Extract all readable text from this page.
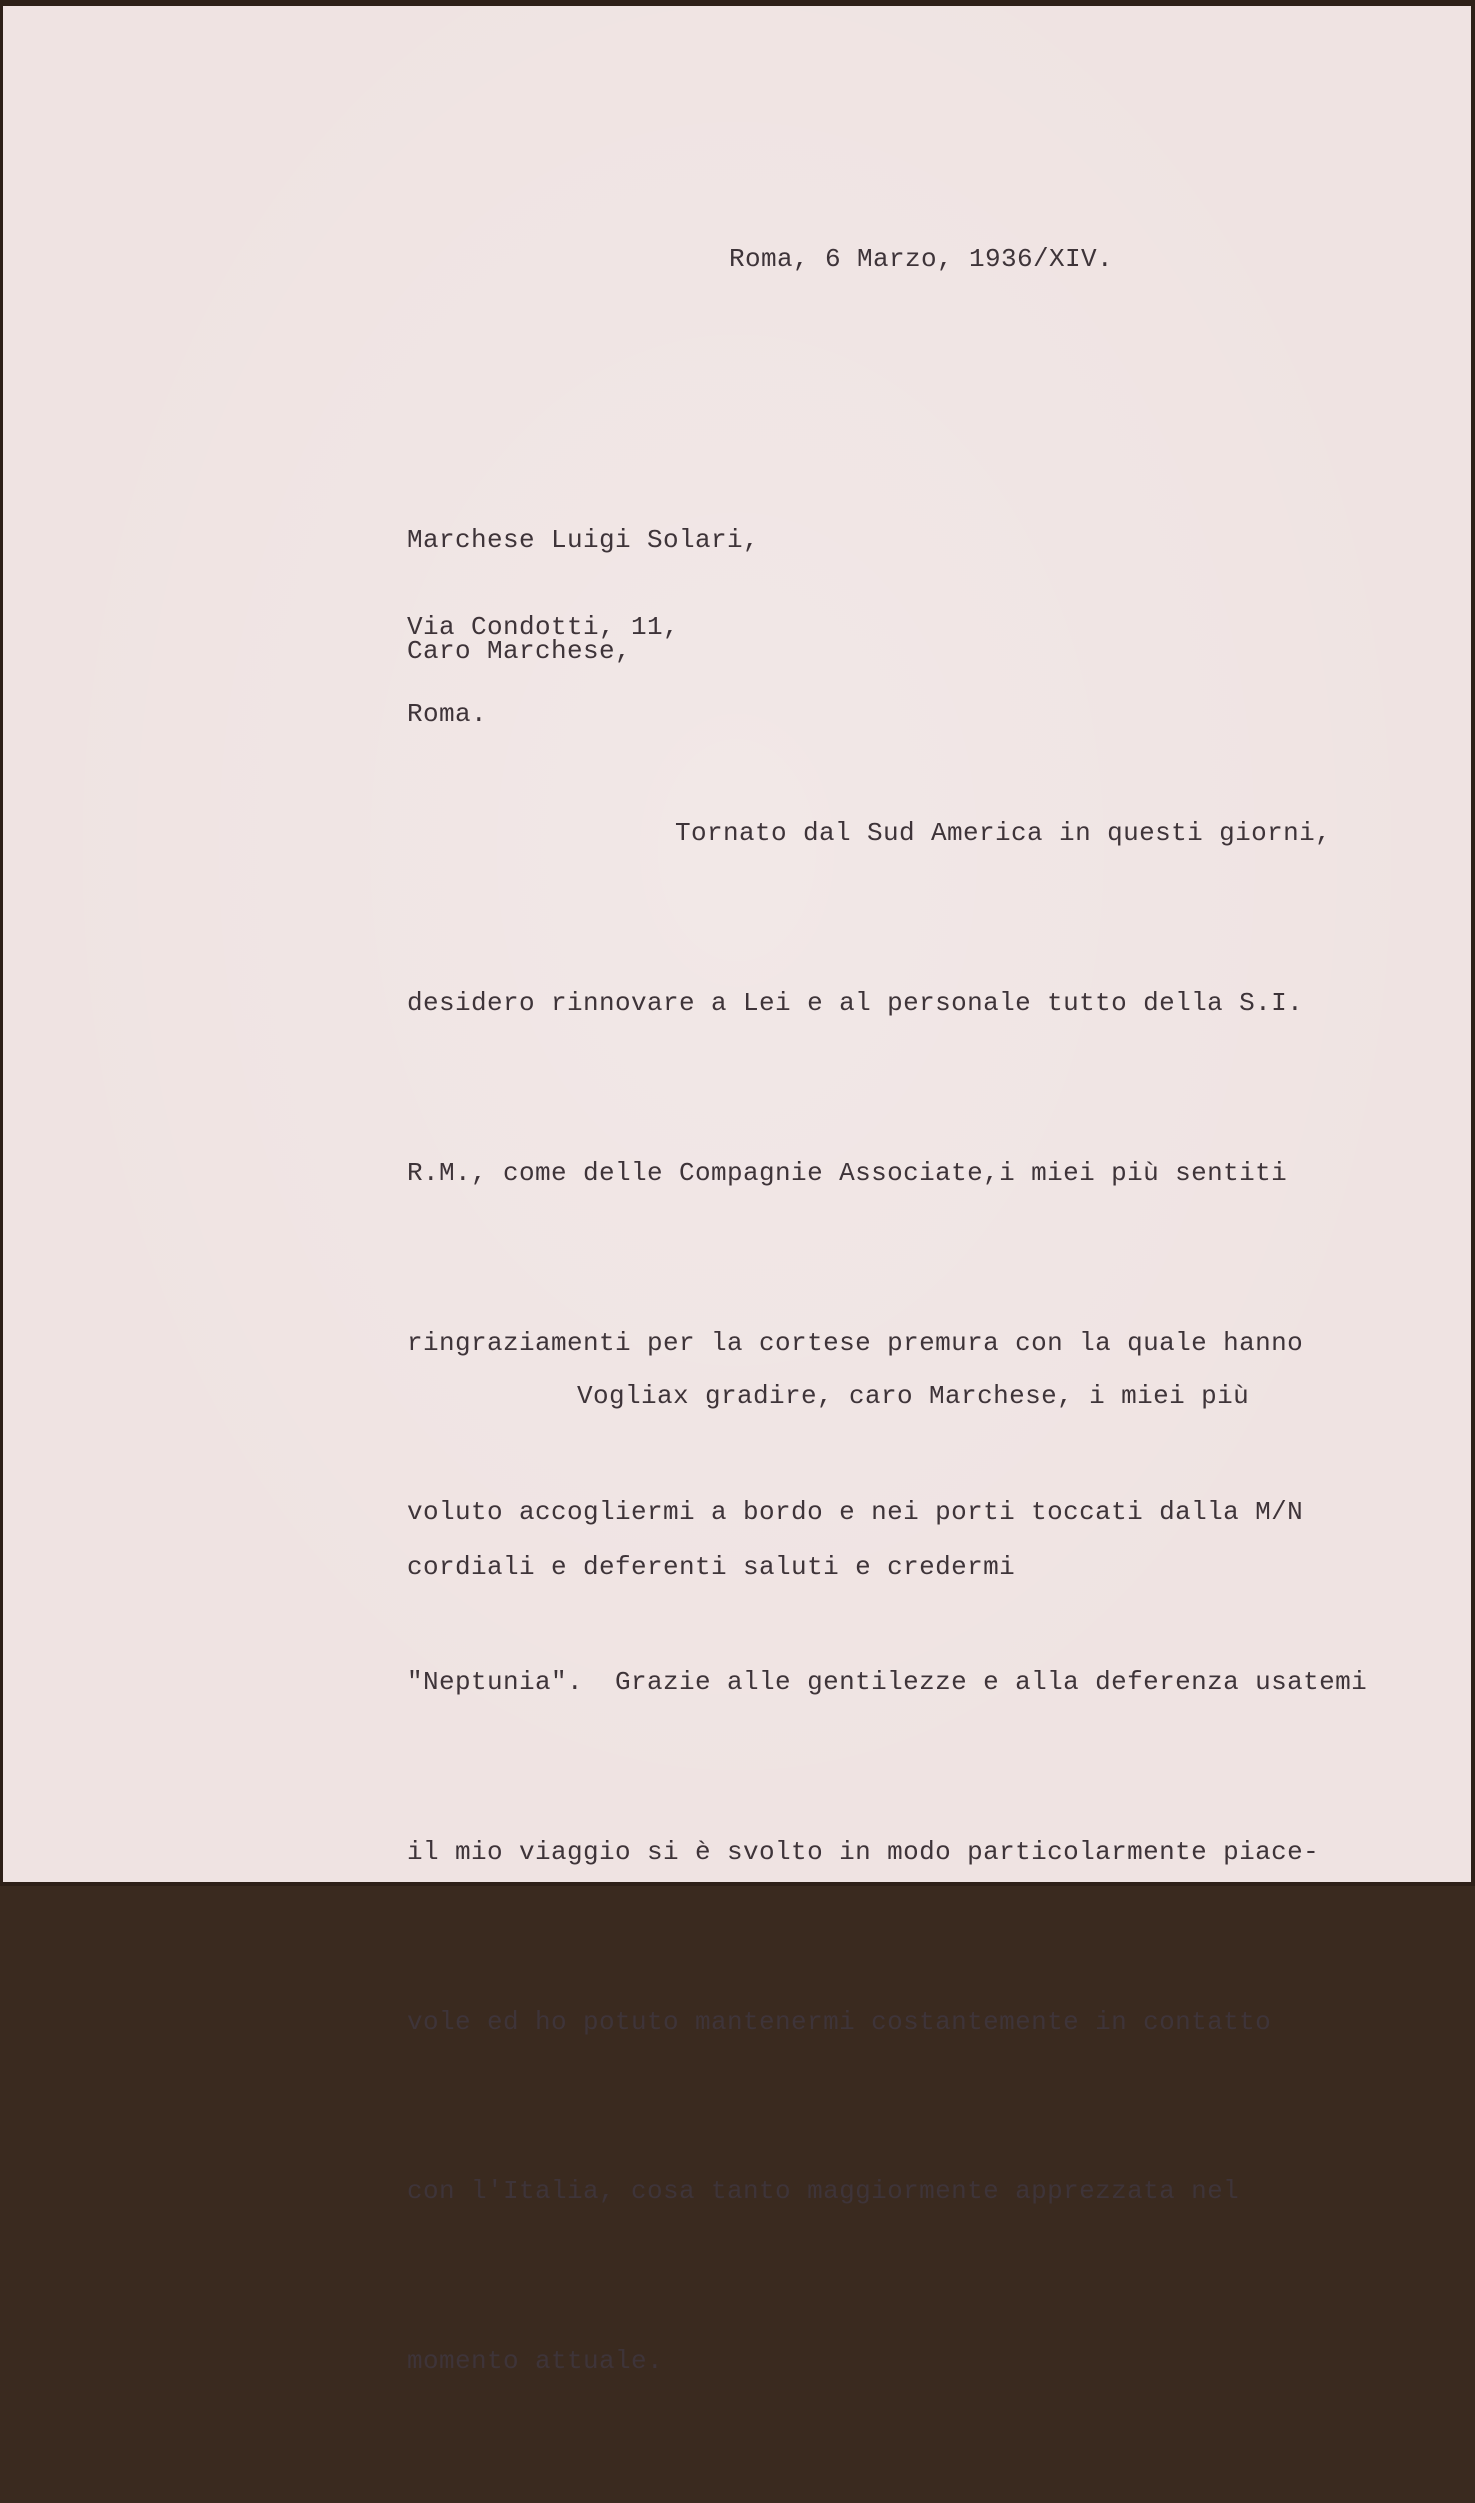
Roma, 6 Marzo, 1936/XIV.

Marchese Luigi Solari,

Via Condotti, 11,

Roma.

Caro Marchese,

Tornato dal Sud America in questi giorni,

desidero rinnovare a Lei e al personale tutto della S.I.

R.M., come delle Compagnie Associate,i miei più sentiti

ringraziamenti per la cortese premura con la quale hanno

voluto accogliermi a bordo e nei porti toccati dalla M/N

"Neptunia".  Grazie alle gentilezze e alla deferenza usatemi

il mio viaggio si è svolto in modo particolarmente piace-

vole ed ho potuto mantenermi costantemente in contatto

con l'Italia, cosa tanto maggiormente apprezzata nel

momento attuale.

Vogliax gradire, caro Marchese, i miei più

cordiali e deferenti saluti e credermi
